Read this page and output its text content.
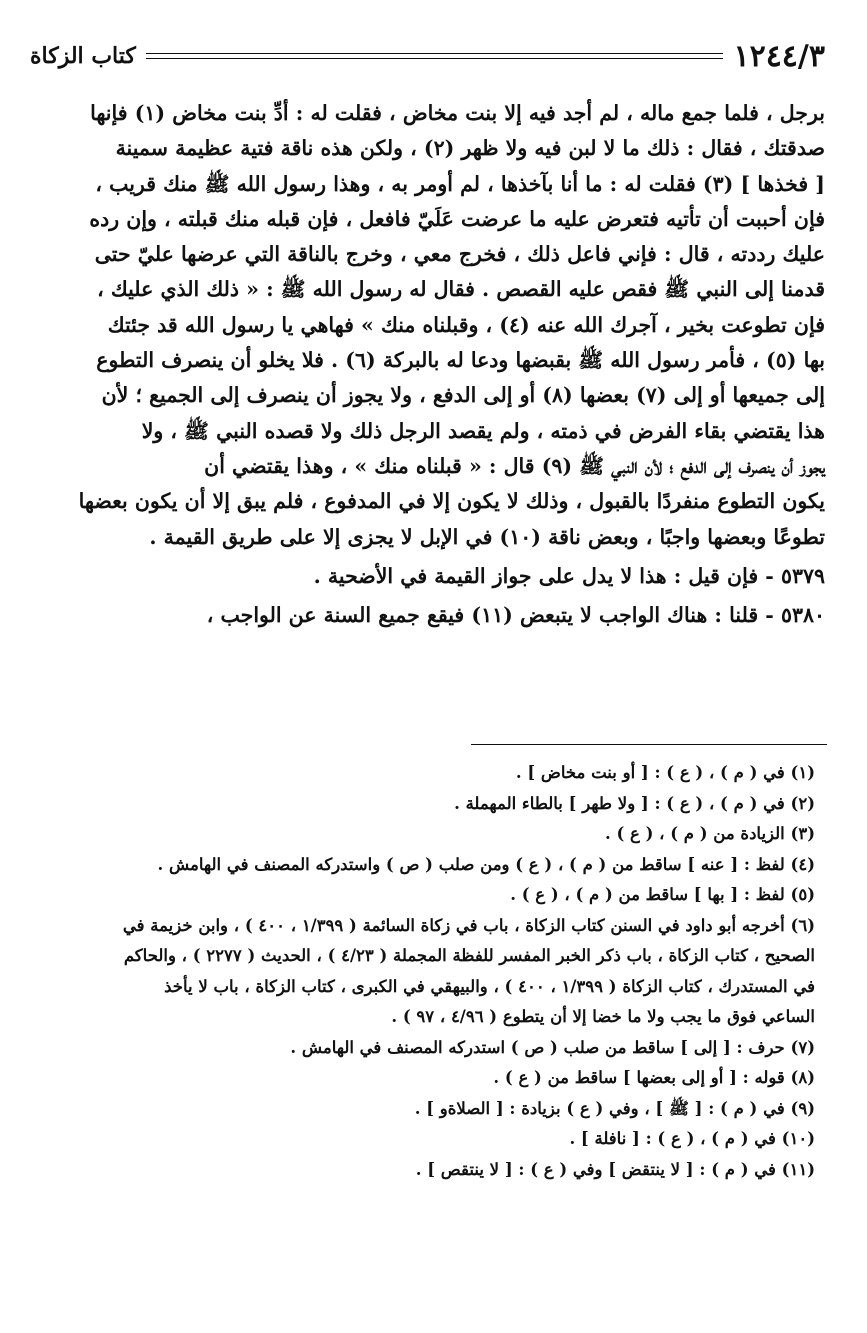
١٢٤٤/٣
كتاب الزكاة

برجل ، فلما جمع ماله ، لم أجد فيه إلا بنت مخاض ، فقلت له : أدِّ بنت مخاض (١) فإنها

صدقتك ، فقال : ذلك ما لا لبن فيه ولا ظهر (٢) ، ولكن هذه ناقة فتية عظيمة سمينة

[ فخذها ] (٣) فقلت له : ما أنا بآخذها ، لم أومر به ، وهذا رسول الله ﷺ منك قريب ،

فإن أحببت أن تأتيه فتعرض عليه ما عرضت عَلَيّ فافعل ، فإن قبله منك قبلته ، وإن رده

عليك رددته ، قال : فإني فاعل ذلك ، فخرج معي ، وخرج بالناقة التي عرضها عليّ حتى

قدمنا إلى النبي ﷺ فقص عليه القصص . فقال له رسول الله ﷺ : « ذلك الذي عليك ،

فإن تطوعت بخير ، آجرك الله عنه (٤) ، وقبلناه منك » فهاهي يا رسول الله قد جئتك

بها (٥) ، فأمر رسول الله ﷺ بقبضها ودعا له بالبركة (٦) . فلا يخلو أن ينصرف التطوع

إلى جميعها أو إلى (٧) بعضها (٨) أو إلى الدفع ، ولا يجوز أن ينصرف إلى الجميع ؛ لأن

هذا يقتضي بقاء الفرض في ذمته ، ولم يقصد الرجل ذلك ولا قصده النبي ﷺ ، ولا

يجوز أن ينصرف إلى الدفع ؛ لأن النبي ﷺ (٩) قال : « قبلناه منك » ، وهذا يقتضي أن

يكون التطوع منفردًا بالقبول ، وذلك لا يكون إلا في المدفوع ، فلم يبق إلا أن يكون بعضها

تطوعًا وبعضها واجبًا ، وبعض ناقة (١٠) في الإبل لا يجزى إلا على طريق القيمة .

٥٣٧٩ - فإن قيل : هذا لا يدل على جواز القيمة في الأضحية .

٥٣٨٠ - قلنا : هناك الواجب لا يتبعض (١١) فيقع جميع السنة عن الواجب ،

(١) في ( م ) ، ( ع ) : [ أو بنت مخاض ] .

(٢) في ( م ) ، ( ع ) : [ ولا طهر ] بالطاء المهملة .

(٣) الزيادة من ( م ) ، ( ع ) .

(٤) لفظ : [ عنه ] ساقط من ( م ) ، ( ع ) ومن صلب ( ص ) واستدركه المصنف في الهامش .

(٥) لفظ : [ بها ] ساقط من ( م ) ، ( ع ) .

(٦) أخرجه أبو داود في السنن كتاب الزكاة ، باب في زكاة السائمة ( ١/٣٩٩ ، ٤٠٠ ) ، وابن خزيمة في

الصحيح ، كتاب الزكاة ، باب ذكر الخبر المفسر للفظة المجملة ( ٤/٢٣ ) ، الحديث ( ٢٢٧٧ ) ، والحاكم

في المستدرك ، كتاب الزكاة ( ١/٣٩٩ ، ٤٠٠ ) ، والبيهقي في الكبرى ، كتاب الزكاة ، باب لا يأخذ

الساعي فوق ما يجب ولا ما خضا إلا أن يتطوع ( ٤/٩٦ ، ٩٧ ) .

(٧) حرف : [ إلى ] ساقط من صلب ( ص ) استدركه المصنف في الهامش .

(٨) قوله : [ أو إلى بعضها ] ساقط من ( ع ) .

(٩) في ( م ) : [ ﷺ ] ، وفي ( ع ) بزيادة : [ الصلاةو ] .

(١٠) في ( م ) ، ( ع ) : [ نافلة ] .

(١١) في ( م ) : [ لا ينتقض ] وفي ( ع ) : [ لا ينتقص ] .
